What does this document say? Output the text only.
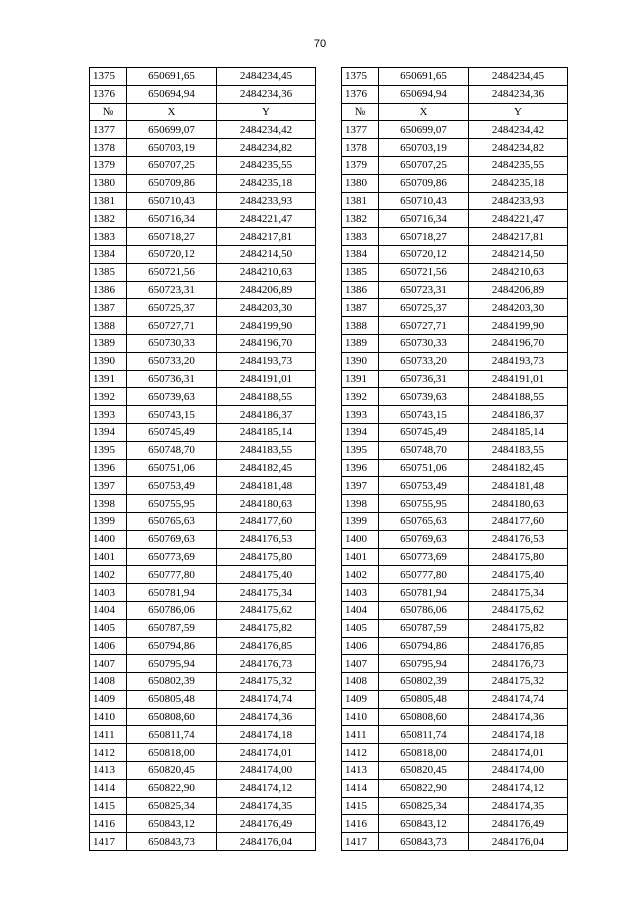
70
1375	650691,65	2484234,45		1375	650691,65	2484234,45
1376	650694,94	2484234,36		1376	650694,94	2484234,36
№	X	Y		№	X	Y
1377	650699,07	2484234,42		1377	650699,07	2484234,42
1378	650703,19	2484234,82		1378	650703,19	2484234,82
1379	650707,25	2484235,55		1379	650707,25	2484235,55
1380	650709,86	2484235,18		1380	650709,86	2484235,18
1381	650710,43	2484233,93		1381	650710,43	2484233,93
1382	650716,34	2484221,47		1382	650716,34	2484221,47
1383	650718,27	2484217,81		1383	650718,27	2484217,81
1384	650720,12	2484214,50		1384	650720,12	2484214,50
1385	650721,56	2484210,63		1385	650721,56	2484210,63
1386	650723,31	2484206,89		1386	650723,31	2484206,89
1387	650725,37	2484203,30		1387	650725,37	2484203,30
1388	650727,71	2484199,90		1388	650727,71	2484199,90
1389	650730,33	2484196,70		1389	650730,33	2484196,70
1390	650733,20	2484193,73		1390	650733,20	2484193,73
1391	650736,31	2484191,01		1391	650736,31	2484191,01
1392	650739,63	2484188,55		1392	650739,63	2484188,55
1393	650743,15	2484186,37		1393	650743,15	2484186,37
1394	650745,49	2484185,14		1394	650745,49	2484185,14
1395	650748,70	2484183,55		1395	650748,70	2484183,55
1396	650751,06	2484182,45		1396	650751,06	2484182,45
1397	650753,49	2484181,48		1397	650753,49	2484181,48
1398	650755,95	2484180,63		1398	650755,95	2484180,63
1399	650765,63	2484177,60		1399	650765,63	2484177,60
1400	650769,63	2484176,53		1400	650769,63	2484176,53
1401	650773,69	2484175,80		1401	650773,69	2484175,80
1402	650777,80	2484175,40		1402	650777,80	2484175,40
1403	650781,94	2484175,34		1403	650781,94	2484175,34
1404	650786,06	2484175,62		1404	650786,06	2484175,62
1405	650787,59	2484175,82		1405	650787,59	2484175,82
1406	650794,86	2484176,85		1406	650794,86	2484176,85
1407	650795,94	2484176,73		1407	650795,94	2484176,73
1408	650802,39	2484175,32		1408	650802,39	2484175,32
1409	650805,48	2484174,74		1409	650805,48	2484174,74
1410	650808,60	2484174,36		1410	650808,60	2484174,36
1411	650811,74	2484174,18		1411	650811,74	2484174,18
1412	650818,00	2484174,01		1412	650818,00	2484174,01
1413	650820,45	2484174,00		1413	650820,45	2484174,00
1414	650822,90	2484174,12		1414	650822,90	2484174,12
1415	650825,34	2484174,35		1415	650825,34	2484174,35
1416	650843,12	2484176,49		1416	650843,12	2484176,49
1417	650843,73	2484176,04		1417	650843,73	2484176,04
